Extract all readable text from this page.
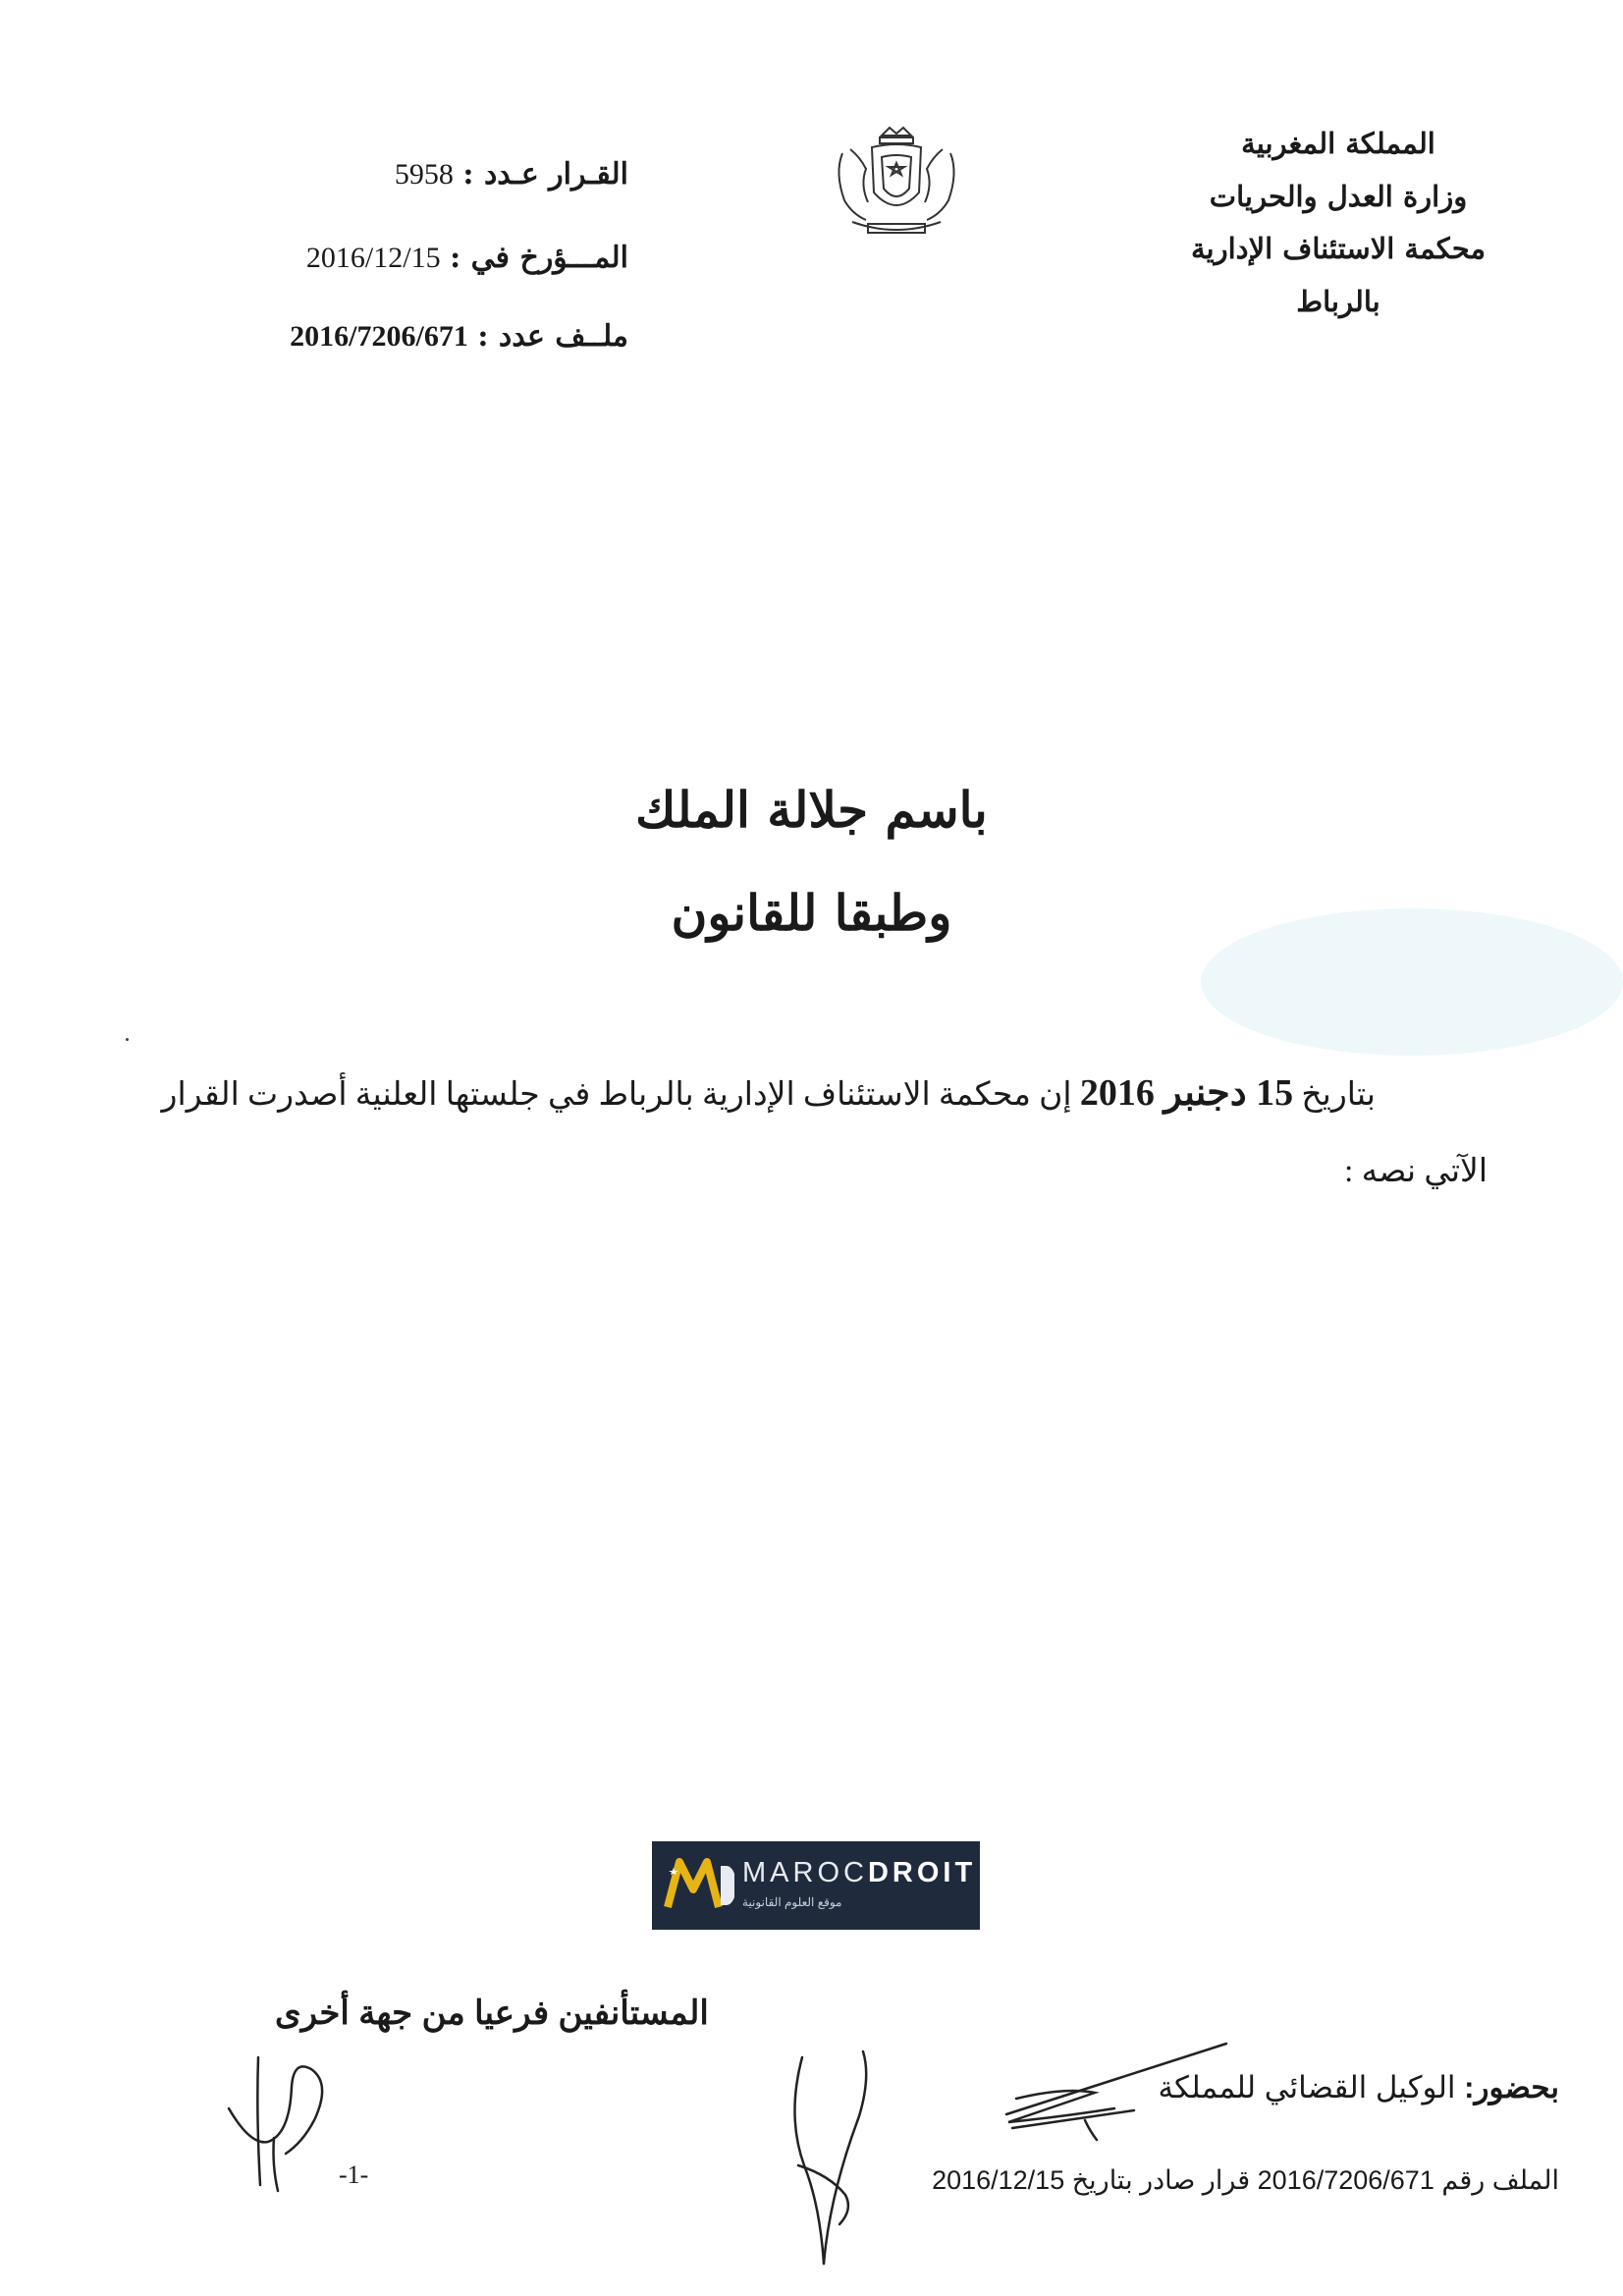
المملكة المغربية
وزارة العدل والحريات
محكمة الاستئناف الإدارية
بالرباط
القـرار عـدد : 5958
المـــؤرخ في : 2016/12/15
ملــف عدد : 2016/7206/671
باسم جلالة الملك
وطبقا للقانون
بتاريخ 15 دجنبر 2016 إن محكمة الاستئناف الإدارية بالرباط في جلستها العلنية أصدرت القرار
الآتي نصه :
MAROCDROIT
موقع العلوم القانونية
المستأنفين فرعيا من جهة أخرى
بحضور: الوكيل القضائي للمملكة
-1-	الملف رقم 2016/7206/671 قرار صادر بتاريخ 2016/12/15
